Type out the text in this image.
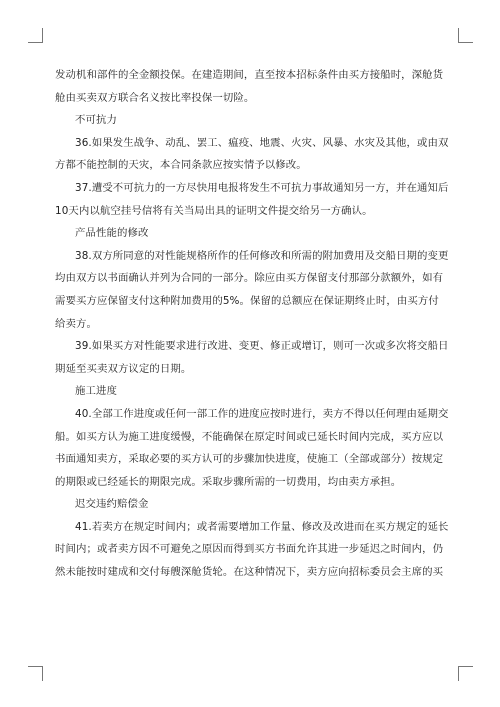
发动机和部件的全金额投保。在建造期间，直至按本招标条件由买方接船时，深舱货舱由买卖双方联合名义按比率投保一切险。

不可抗力

36.如果发生战争、动乱、罢工、瘟疫、地震、火灾、风暴、水灾及其他，或由双方都不能控制的天灾，本合同条款应按实情予以修改。

37.遭受不可抗力的一方尽快用电报将发生不可抗力事故通知另一方，并在通知后10天内以航空挂号信将有关当局出具的证明文件提交给另一方确认。

产品性能的修改

38.双方所同意的对性能规格所作的任何修改和所需的附加费用及交船日期的变更均由双方以书面确认并列为合同的一部分。除应由买方保留支付那部分款额外，如有需要买方应保留支付这种附加费用的5%。保留的总额应在保证期终止时，由买方付给卖方。

39.如果买方对性能要求进行改进、变更、修正或增订，则可一次或多次将交船日期延至买卖双方议定的日期。

施工进度

40.全部工作进度或任何一部工作的进度应按时进行，卖方不得以任何理由延期交船。如买方认为施工进度缓慢，不能确保在原定时间或已延长时间内完成，买方应以书面通知卖方，采取必要的买方认可的步骤加快进度，使施工（全部或部分）按规定的期限或已经延长的期限完成。采取步骤所需的一切费用，均由卖方承担。

迟交违约赔偿金

41.若卖方在规定时间内；或者需要增加工作量、修改及改进而在买方规定的延长时间内；或者卖方因不可避免之原因而得到买方书面允许其进一步延迟之时间内，仍然未能按时建成和交付每艘深舱货轮。在这种情况下，卖方应向招标委员会主席的买
